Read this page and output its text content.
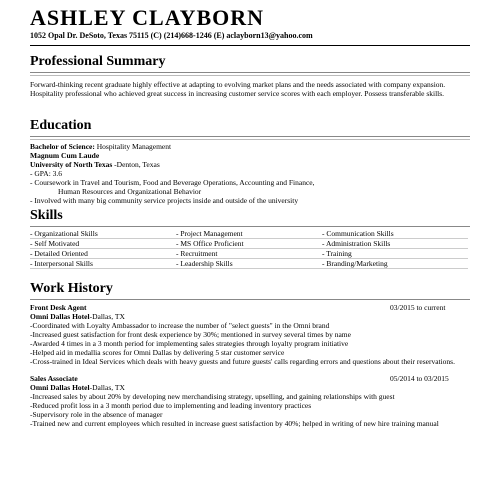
ASHLEY CLAYBORN
1052 Opal Dr. DeSoto, Texas 75115 (C) (214)668-1246 (E) aclayborn13@yahoo.com
Professional Summary
Forward-thinking recent graduate highly effective at adapting to evolving market plans and the needs associated with company expansion. Hospitality professional who achieved great success in increasing customer service scores with each employer. Possess transferable skills.
Education
Bachelor of Science: Hospitality Management
Magnum Cum Laude
University of North Texas -Denton, Texas
- GPA: 3.6
- Coursework in Travel and Tourism, Food and Beverage Operations, Accounting and Finance,
Human Resources and Organizational Behavior
- Involved with many big community service projects inside and outside of the university
Skills
- Organizational Skills
- Self Motivated
- Detailed Oriented
- Interpersonal Skills
- Project Management
- MS Office Proficient
- Recruitment
- Leadership Skills
- Communication Skills
- Administration Skills
- Training
- Branding/Marketing
Work History
Front Desk Agent	03/2015 to current
Omni Dallas Hotel-Dallas, TX
-Coordinated with Loyalty Ambassador to increase the number of "select guests" in the Omni brand
-Increased guest satisfaction for front desk experience by 30%; mentioned in survey several times by name
-Awarded 4 times in a 3 month period for implementing sales strategies through loyalty program initiative
-Helped aid in medallia scores for Omni Dallas by delivering 5 star customer service
-Cross-trained in Ideal Services which deals with heavy guests and future guests' calls regarding errors and questions about their reservations.
Sales Associate	05/2014 to 03/2015
Omni Dallas Hotel-Dallas, TX
-Increased sales by about 20% by developing new merchandising strategy, upselling, and gaining relationships with guest
-Reduced profit loss in a 3 month period due to implementing and leading inventory practices
-Supervisory role in the absence of manager
-Trained new and current employees which resulted in increase guest satisfaction by 40%; helped in writing of new hire training manual
